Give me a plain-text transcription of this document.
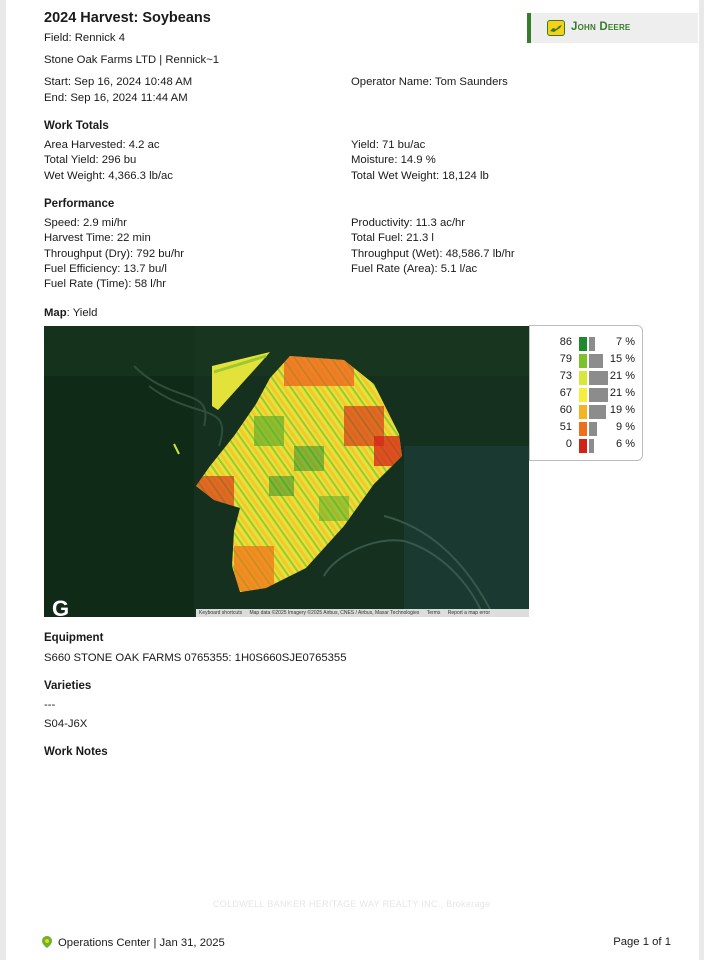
2024 Harvest: Soybeans
Field: Rennick 4
Stone Oak Farms LTD | Rennick~1
Start: Sep 16, 2024 10:48 AM
End: Sep 16, 2024 11:44 AM
Operator Name: Tom Saunders
John Deere
Work Totals
Area Harvested: 4.2 ac
Total Yield: 296 bu
Wet Weight: 4,366.3 lb/ac
Yield: 71 bu/ac
Moisture: 14.9 %
Total Wet Weight: 18,124 lb
Performance
Speed: 2.9 mi/hr
Harvest Time: 22 min
Throughput (Dry): 792 bu/hr
Fuel Efficiency: 13.7 bu/l
Fuel Rate (Time): 58 l/hr
Productivity: 11.3 ac/hr
Total Fuel: 21.3 l
Throughput (Wet): 48,586.7 lb/hr
Fuel Rate (Area): 5.1 l/ac
Map: Yield
G	Keyboard shortcuts Map data ©2025 Imagery ©2025 Airbus, CNES / Airbus, Maxar Technologies Terms Report a map error
86	7 %
79	15 %
73	21 %
67	21 %
60	19 %
51	9 %
0	6 %
Equipment
S660 STONE OAK FARMS 0765355: 1H0S660SJE0765355
Varieties
---
S04-J6X
Work Notes
COLDWELL BANKER HERITAGE WAY REALTY INC., Brokerage
Operations Center | Jan 31, 2025	Page 1 of 1
